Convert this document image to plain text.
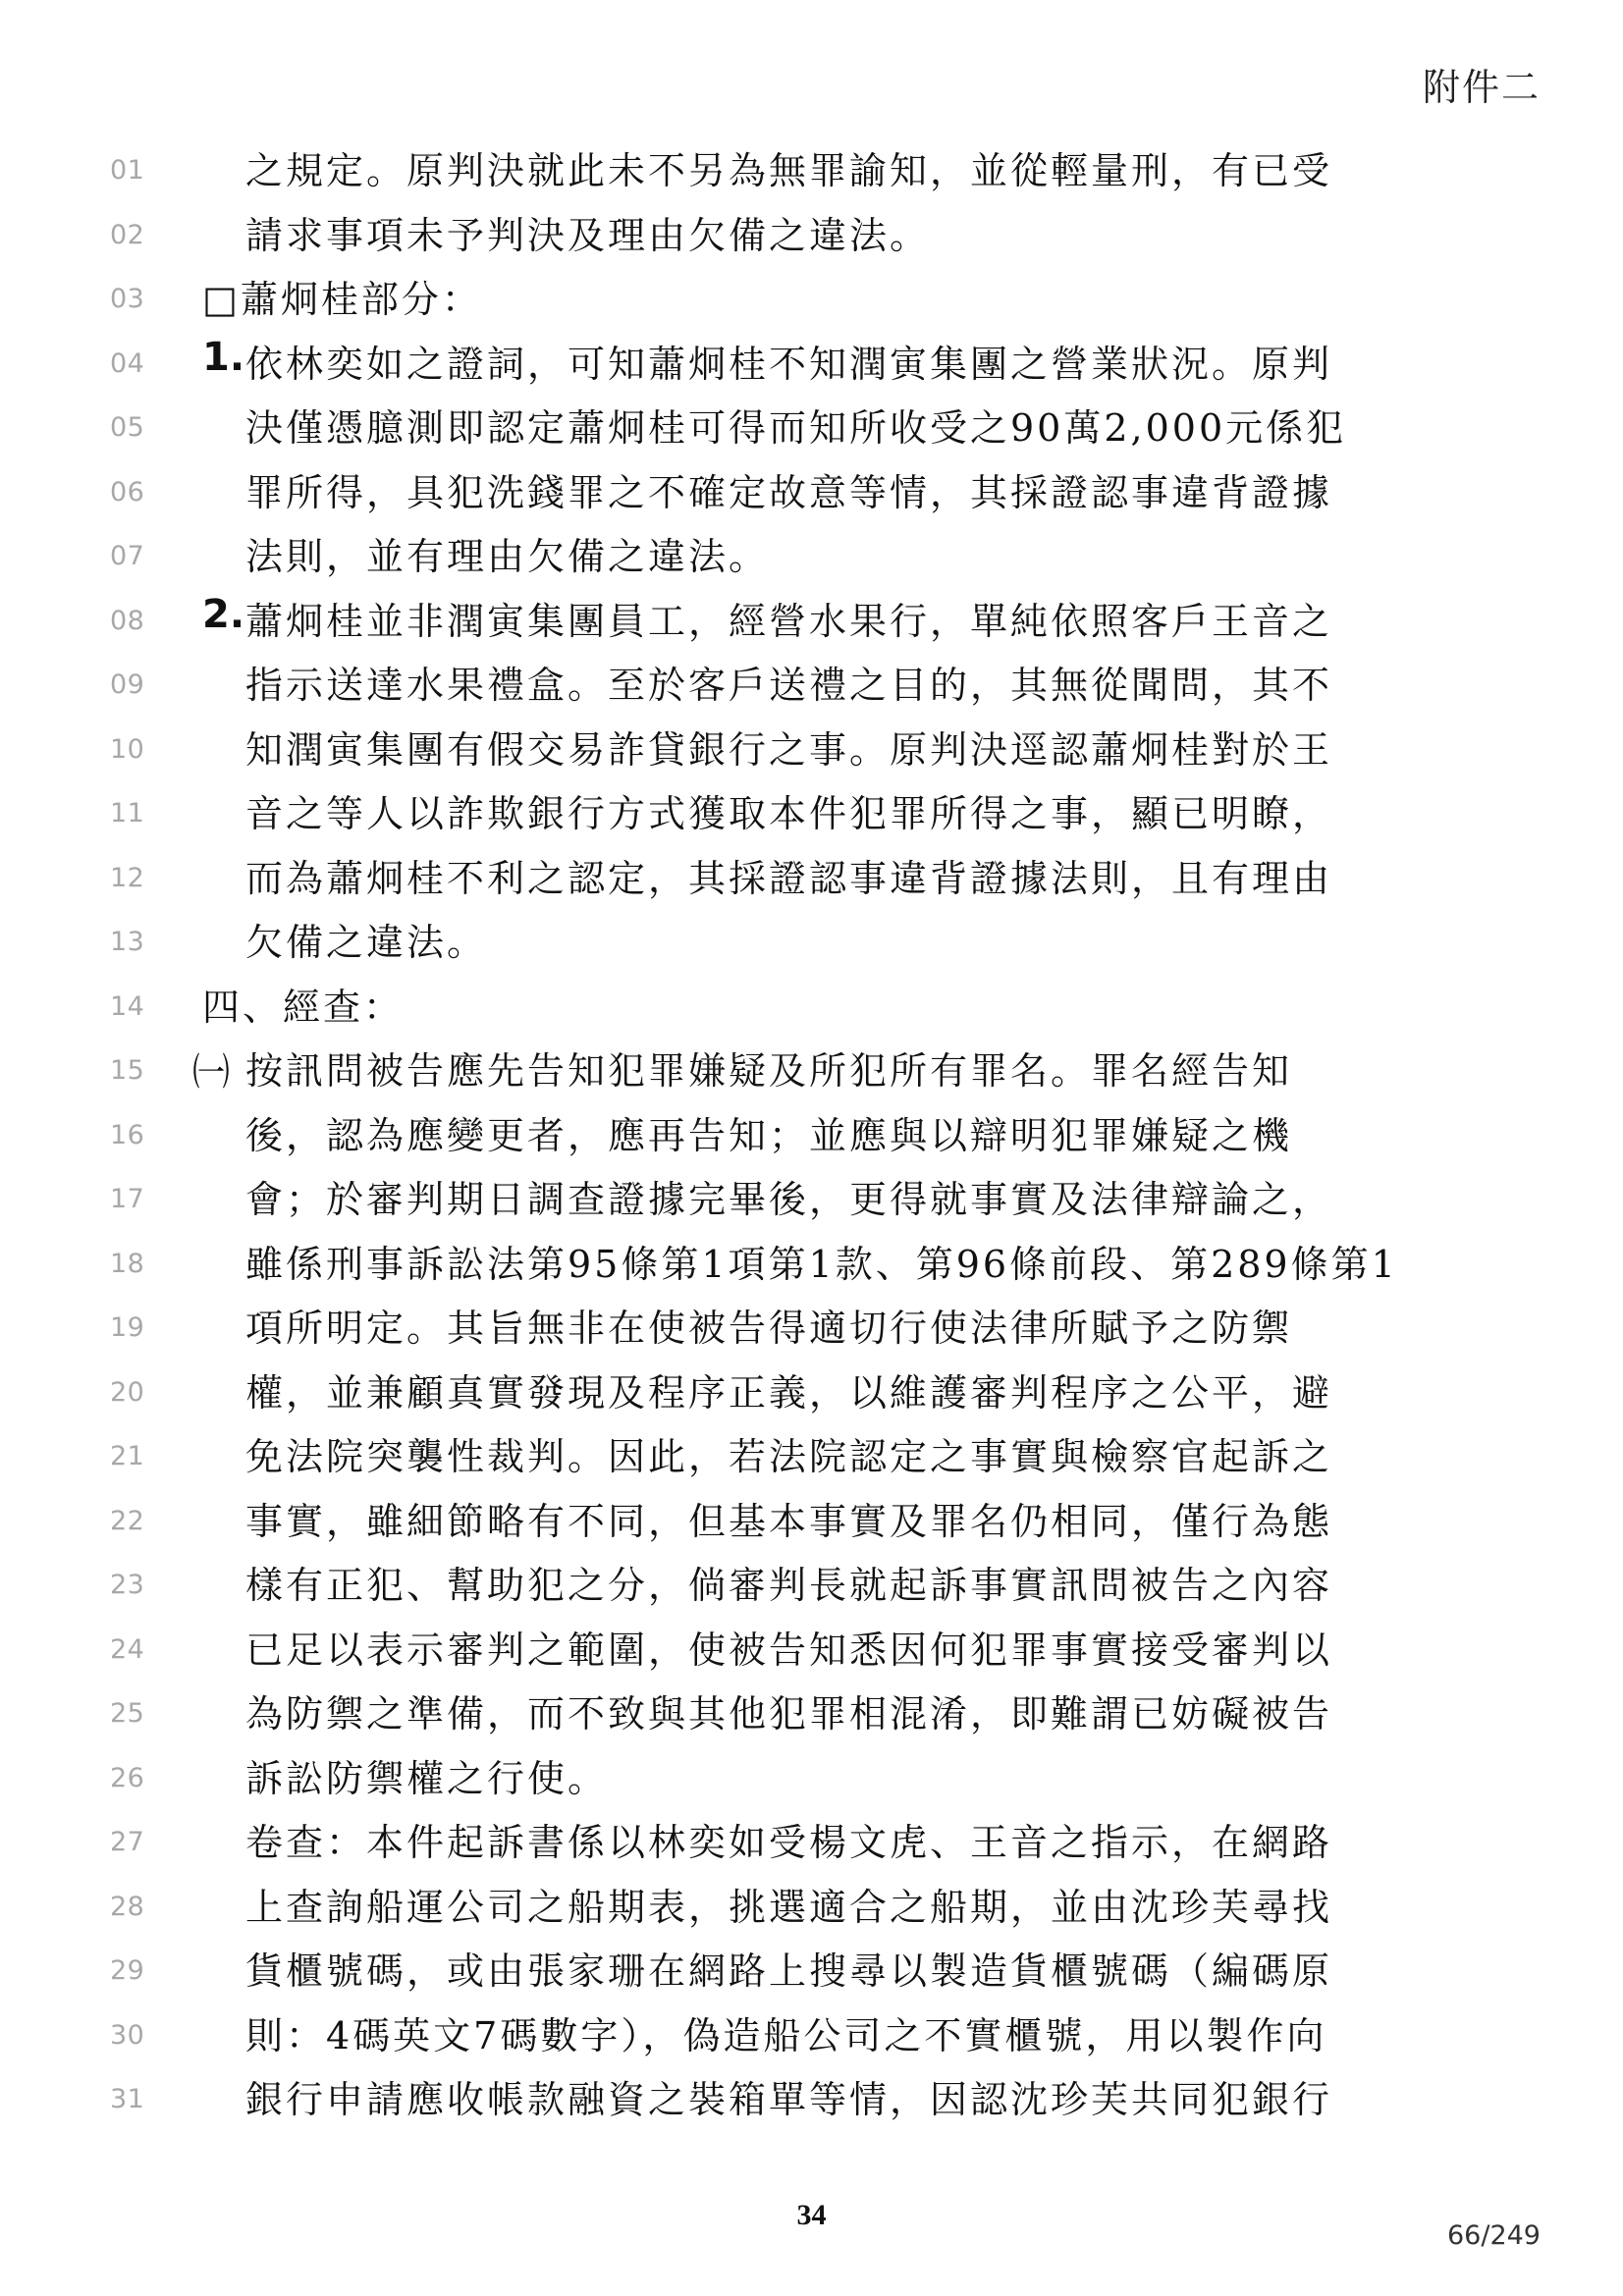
附件二
01	之規定。原判決就此未不另為無罪諭知，並從輕量刑，有已受
02	請求事項未予判決及理由欠備之違法。
03 □蕭炯桂部分：
04 1. 依林奕如之證詞，可知蕭炯桂不知潤寅集團之營業狀況。原判
05	決僅憑臆測即認定蕭炯桂可得而知所收受之90萬2,000元係犯
06	罪所得，具犯洗錢罪之不確定故意等情，其採證認事違背證據
07	法則，並有理由欠備之違法。
08 2. 蕭炯桂並非潤寅集團員工，經營水果行，單純依照客戶王音之
09	指示送達水果禮盒。至於客戶送禮之目的，其無從聞問，其不
10	知潤寅集團有假交易詐貸銀行之事。原判決逕認蕭炯桂對於王
11	音之等人以詐欺銀行方式獲取本件犯罪所得之事，顯已明瞭，
12	而為蕭炯桂不利之認定，其採證認事違背證據法則，且有理由
13	欠備之違法。
14 四、經查：
15 ㈠ 按訊問被告應先告知犯罪嫌疑及所犯所有罪名。罪名經告知
16	後，認為應變更者，應再告知；並應與以辯明犯罪嫌疑之機
17	會；於審判期日調查證據完畢後，更得就事實及法律辯論之，
18	雖係刑事訴訟法第95條第1項第1款、第96條前段、第289條第1
19	項所明定。其旨無非在使被告得適切行使法律所賦予之防禦
20	權，並兼顧真實發現及程序正義，以維護審判程序之公平，避
21	免法院突襲性裁判。因此，若法院認定之事實與檢察官起訴之
22	事實，雖細節略有不同，但基本事實及罪名仍相同，僅行為態
23	樣有正犯、幫助犯之分，倘審判長就起訴事實訊問被告之內容
24	已足以表示審判之範圍，使被告知悉因何犯罪事實接受審判以
25	為防禦之準備，而不致與其他犯罪相混淆，即難謂已妨礙被告
26	訴訟防禦權之行使。
27	卷查：本件起訴書係以林奕如受楊文虎、王音之指示，在網路
28	上查詢船運公司之船期表，挑選適合之船期，並由沈珍芙尋找
29	貨櫃號碼，或由張家珊在網路上搜尋以製造貨櫃號碼（編碼原
30	則：4碼英文7碼數字），偽造船公司之不實櫃號，用以製作向
31	銀行申請應收帳款融資之裝箱單等情，因認沈珍芙共同犯銀行
34
66/249
